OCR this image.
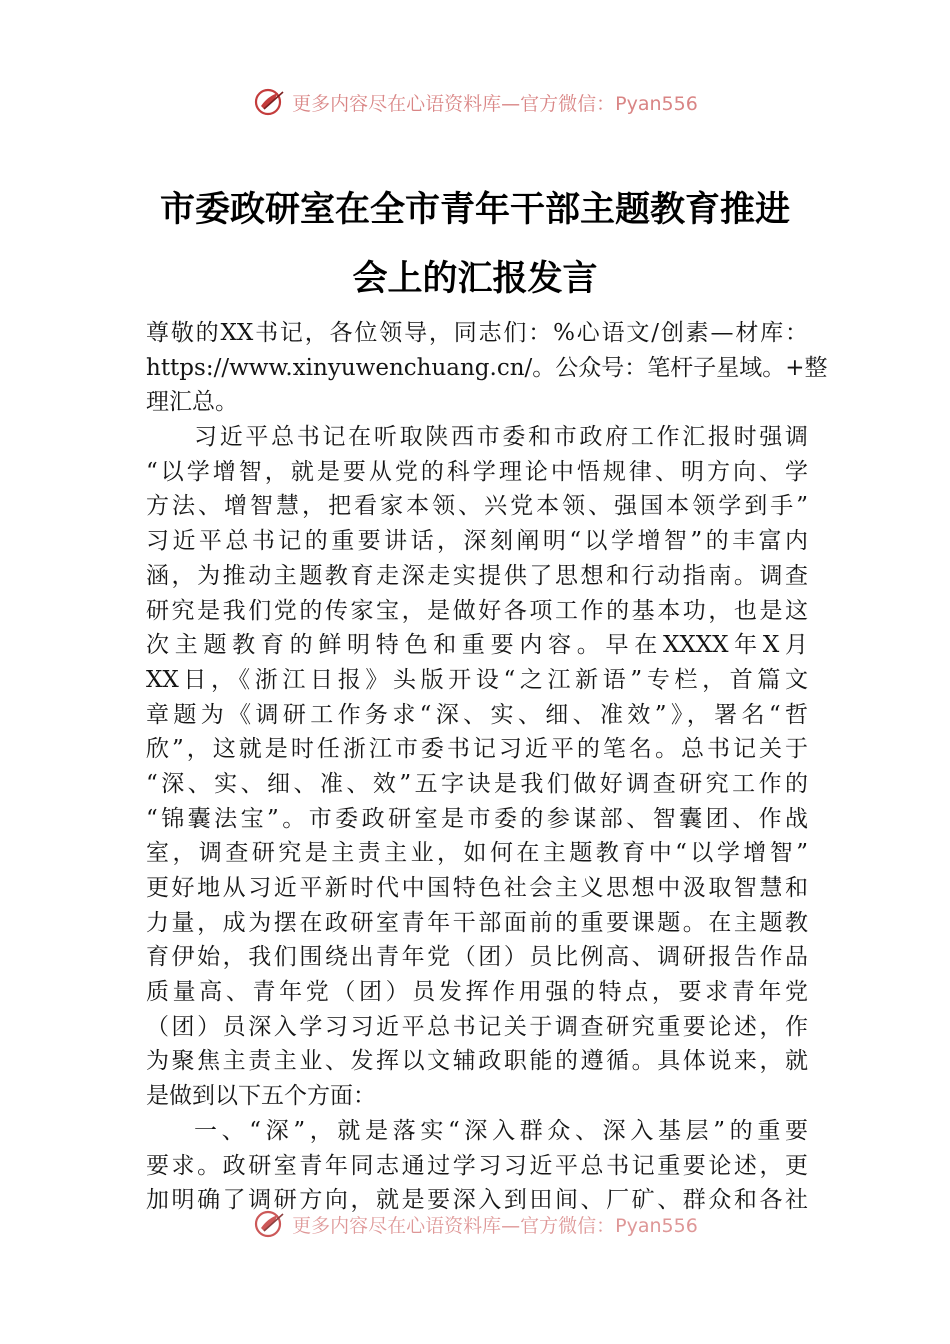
更多内容尽在心语资料库—官方微信：Pyan556
市委政研室在全市青年干部主题教育推进
会上的汇报发言
尊敬的XX书记，各位领导，同志们：%心语文/创素—材库：
https://www.xinyuwenchuang.cn/。公众号：笔杆子星域。+整
理汇总。
习近平总书记在听取陕西市委和市政府工作汇报时强调
“以学增智，就是要从党的科学理论中悟规律、明方向、学
方法、增智慧，把看家本领、兴党本领、强国本领学到手”
习近平总书记的重要讲话，深刻阐明“以学增智”的丰富内
涵，为推动主题教育走深走实提供了思想和行动指南。调查
研究是我们党的传家宝，是做好各项工作的基本功，也是这
次主题教育的鲜明特色和重要内容。早在XXXX年X月
XX日，《浙江日报》头版开设“之江新语”专栏，首篇文
章题为《调研工作务求“深、实、细、准效”》，署名“哲
欣”，这就是时任浙江市委书记习近平的笔名。总书记关于
“深、实、细、准、效”五字诀是我们做好调查研究工作的
“锦囊法宝”。市委政研室是市委的参谋部、智囊团、作战
室，调查研究是主责主业，如何在主题教育中“以学增智”
更好地从习近平新时代中国特色社会主义思想中汲取智慧和
力量，成为摆在政研室青年干部面前的重要课题。在主题教
育伊始，我们围绕出青年党（团）员比例高、调研报告作品
质量高、青年党（团）员发挥作用强的特点，要求青年党
（团）员深入学习习近平总书记关于调查研究重要论述，作
为聚焦主责主业、发挥以文辅政职能的遵循。具体说来，就
是做到以下五个方面：
一、“深”，就是落实“深入群众、深入基层”的重要
要求。政研室青年同志通过学习习近平总书记重要论述，更
加明确了调研方向，就是要深入到田间、厂矿、群众和各社
更多内容尽在心语资料库—官方微信：Pyan556
